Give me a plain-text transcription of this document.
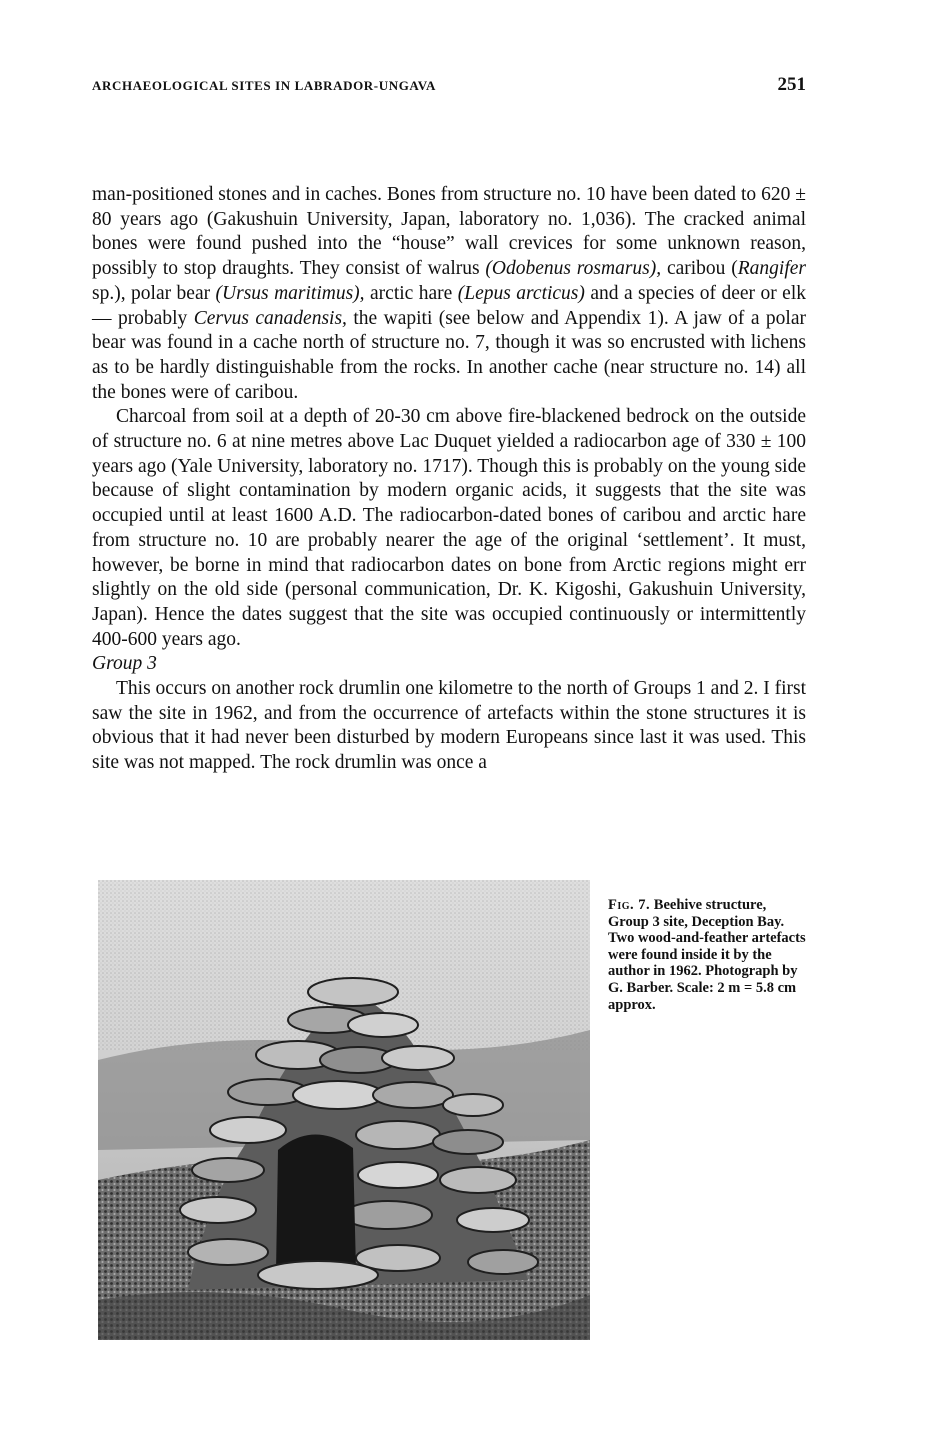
ARCHAEOLOGICAL SITES IN LABRADOR-UNGAVA	251

man-positioned stones and in caches. Bones from structure no. 10 have been dated to 620 ± 80 years ago (Gakushuin University, Japan, laboratory no. 1,036). The cracked animal bones were found pushed into the “house” wall crevices for some unknown reason, possibly to stop draughts. They consist of walrus (Odobenus rosmarus), caribou (Rangifer sp.), polar bear (Ursus maritimus), arctic hare (Lepus arcticus) and a species of deer or elk — probably Cervus canadensis, the wapiti (see below and Appendix 1). A jaw of a polar bear was found in a cache north of structure no. 7, though it was so encrusted with lichens as to be hardly distinguishable from the rocks. In another cache (near structure no. 14) all the bones were of caribou.

Charcoal from soil at a depth of 20-30 cm above fire-blackened bedrock on the outside of structure no. 6 at nine metres above Lac Duquet yielded a radiocarbon age of 330 ± 100 years ago (Yale University, laboratory no. 1717). Though this is probably on the young side because of slight contamination by modern organic acids, it suggests that the site was occupied until at least 1600 A.D. The radiocarbon-dated bones of caribou and arctic hare from structure no. 10 are probably nearer the age of the original ‘settlement’. It must, however, be borne in mind that radiocarbon dates on bone from Arctic regions might err slightly on the old side (personal communication, Dr. K. Kigoshi, Gakushuin University, Japan). Hence the dates suggest that the site was occupied continuously or intermittently 400-600 years ago.

Group 3

This occurs on another rock drumlin one kilometre to the north of Groups 1 and 2. I first saw the site in 1962, and from the occurrence of artefacts within the stone structures it is obvious that it had never been disturbed by modern Europeans since last it was used. This site was not mapped. The rock drumlin was once a

Fig. 7. Beehive structure, Group 3 site, Deception Bay. Two wood-and-feather artefacts were found inside it by the author in 1962. Photograph by G. Barber. Scale: 2 m = 5.8 cm approx.
